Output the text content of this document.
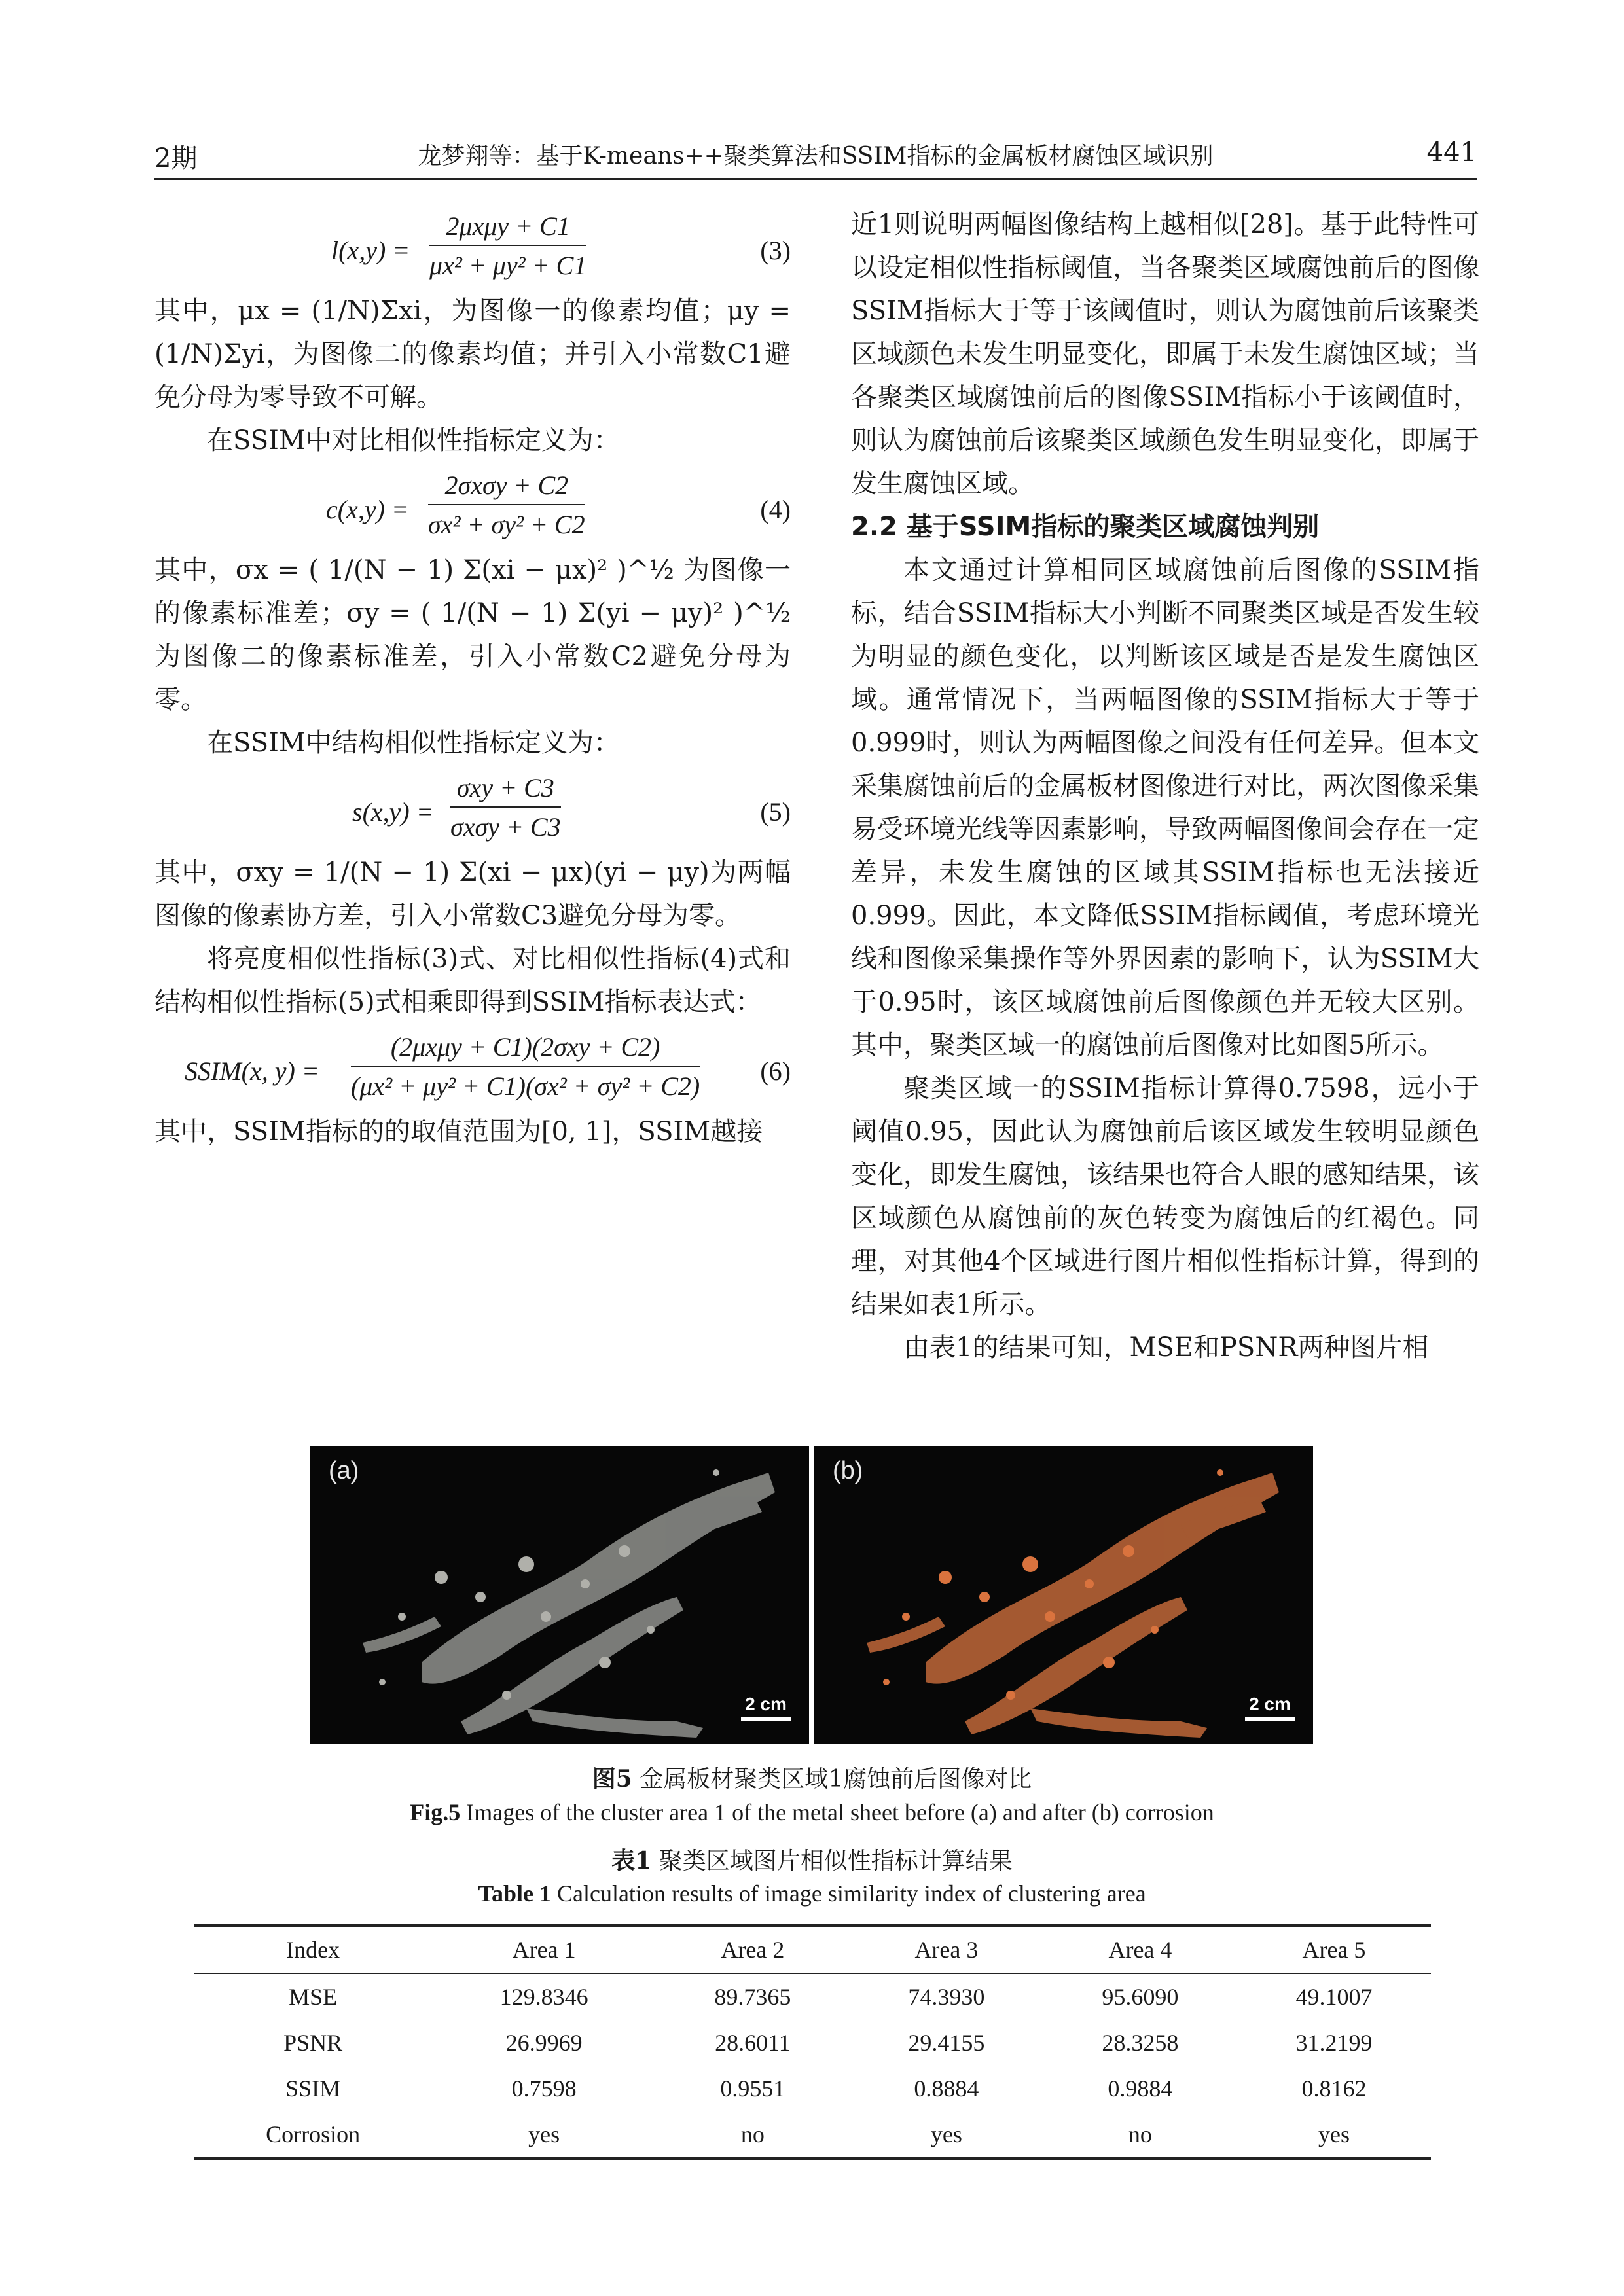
2期	龙梦翔等：基于K-means++聚类算法和SSIM指标的金属板材腐蚀区域识别	441
l(x,y) =
2μxμy + C1
μx² + μy² + C1
(3)

其中，μx = (1/N)Σxi，为图像一的像素均值；μy = (1/N)Σyi，为图像二的像素均值；并引入小常数C1避免分母为零导致不可解。

在SSIM中对比相似性指标定义为：

c(x,y) =
2σxσy + C2
σx² + σy² + C2
(4)

其中，σx = ( 1/(N − 1) Σ(xi − μx)² )^½ 为图像一的像素标准差；σy = ( 1/(N − 1) Σ(yi − μy)² )^½ 为图像二的像素标准差，引入小常数C2避免分母为零。

在SSIM中结构相似性指标定义为：

s(x,y) =
σxy + C3
σxσy + C3
(5)

其中，σxy = 1/(N − 1) Σ(xi − μx)(yi − μy)为两幅图像的像素协方差，引入小常数C3避免分母为零。

将亮度相似性指标(3)式、对比相似性指标(4)式和结构相似性指标(5)式相乘即得到SSIM指标表达式：

SSIM(x, y) =
(2μxμy + C1)(2σxy + C2)
(μx² + μy² + C1)(σx² + σy² + C2)
(6)

其中，SSIM指标的的取值范围为[0, 1]，SSIM越接

近1则说明两幅图像结构上越相似[28]。基于此特性可以设定相似性指标阈值，当各聚类区域腐蚀前后的图像SSIM指标大于等于该阈值时，则认为腐蚀前后该聚类区域颜色未发生明显变化，即属于未发生腐蚀区域；当各聚类区域腐蚀前后的图像SSIM指标小于该阈值时，则认为腐蚀前后该聚类区域颜色发生明显变化，即属于发生腐蚀区域。

2.2 基于SSIM指标的聚类区域腐蚀判别

本文通过计算相同区域腐蚀前后图像的SSIM指标，结合SSIM指标大小判断不同聚类区域是否发生较为明显的颜色变化，以判断该区域是否是发生腐蚀区域。通常情况下，当两幅图像的SSIM指标大于等于0.999时，则认为两幅图像之间没有任何差异。但本文采集腐蚀前后的金属板材图像进行对比，两次图像采集易受环境光线等因素影响，导致两幅图像间会存在一定差异，未发生腐蚀的区域其SSIM指标也无法接近0.999。因此，本文降低SSIM指标阈值，考虑环境光线和图像采集操作等外界因素的影响下，认为SSIM大于0.95时，该区域腐蚀前后图像颜色并无较大区别。其中，聚类区域一的腐蚀前后图像对比如图5所示。

聚类区域一的SSIM指标计算得0.7598，远小于阈值0.95，因此认为腐蚀前后该区域发生较明显颜色变化，即发生腐蚀，该结果也符合人眼的感知结果，该区域颜色从腐蚀前的灰色转变为腐蚀后的红褐色。同理，对其他4个区域进行图片相似性指标计算，得到的结果如表1所示。

由表1的结果可知，MSE和PSNR两种图片相

(a)
2 cm
(b)
2 cm
图5 金属板材聚类区域1腐蚀前后图像对比
Fig.5 Images of the cluster area 1 of the metal sheet before (a) and after (b) corrosion
表1 聚类区域图片相似性指标计算结果
Table 1 Calculation results of image similarity index of clustering area
Index	Area 1	Area 2	Area 3	Area 4	Area 5
MSE	129.8346	89.7365	74.3930	95.6090	49.1007
PSNR	26.9969	28.6011	29.4155	28.3258	31.2199
SSIM	0.7598	0.9551	0.8884	0.9884	0.8162
Corrosion	yes	no	yes	no	yes
